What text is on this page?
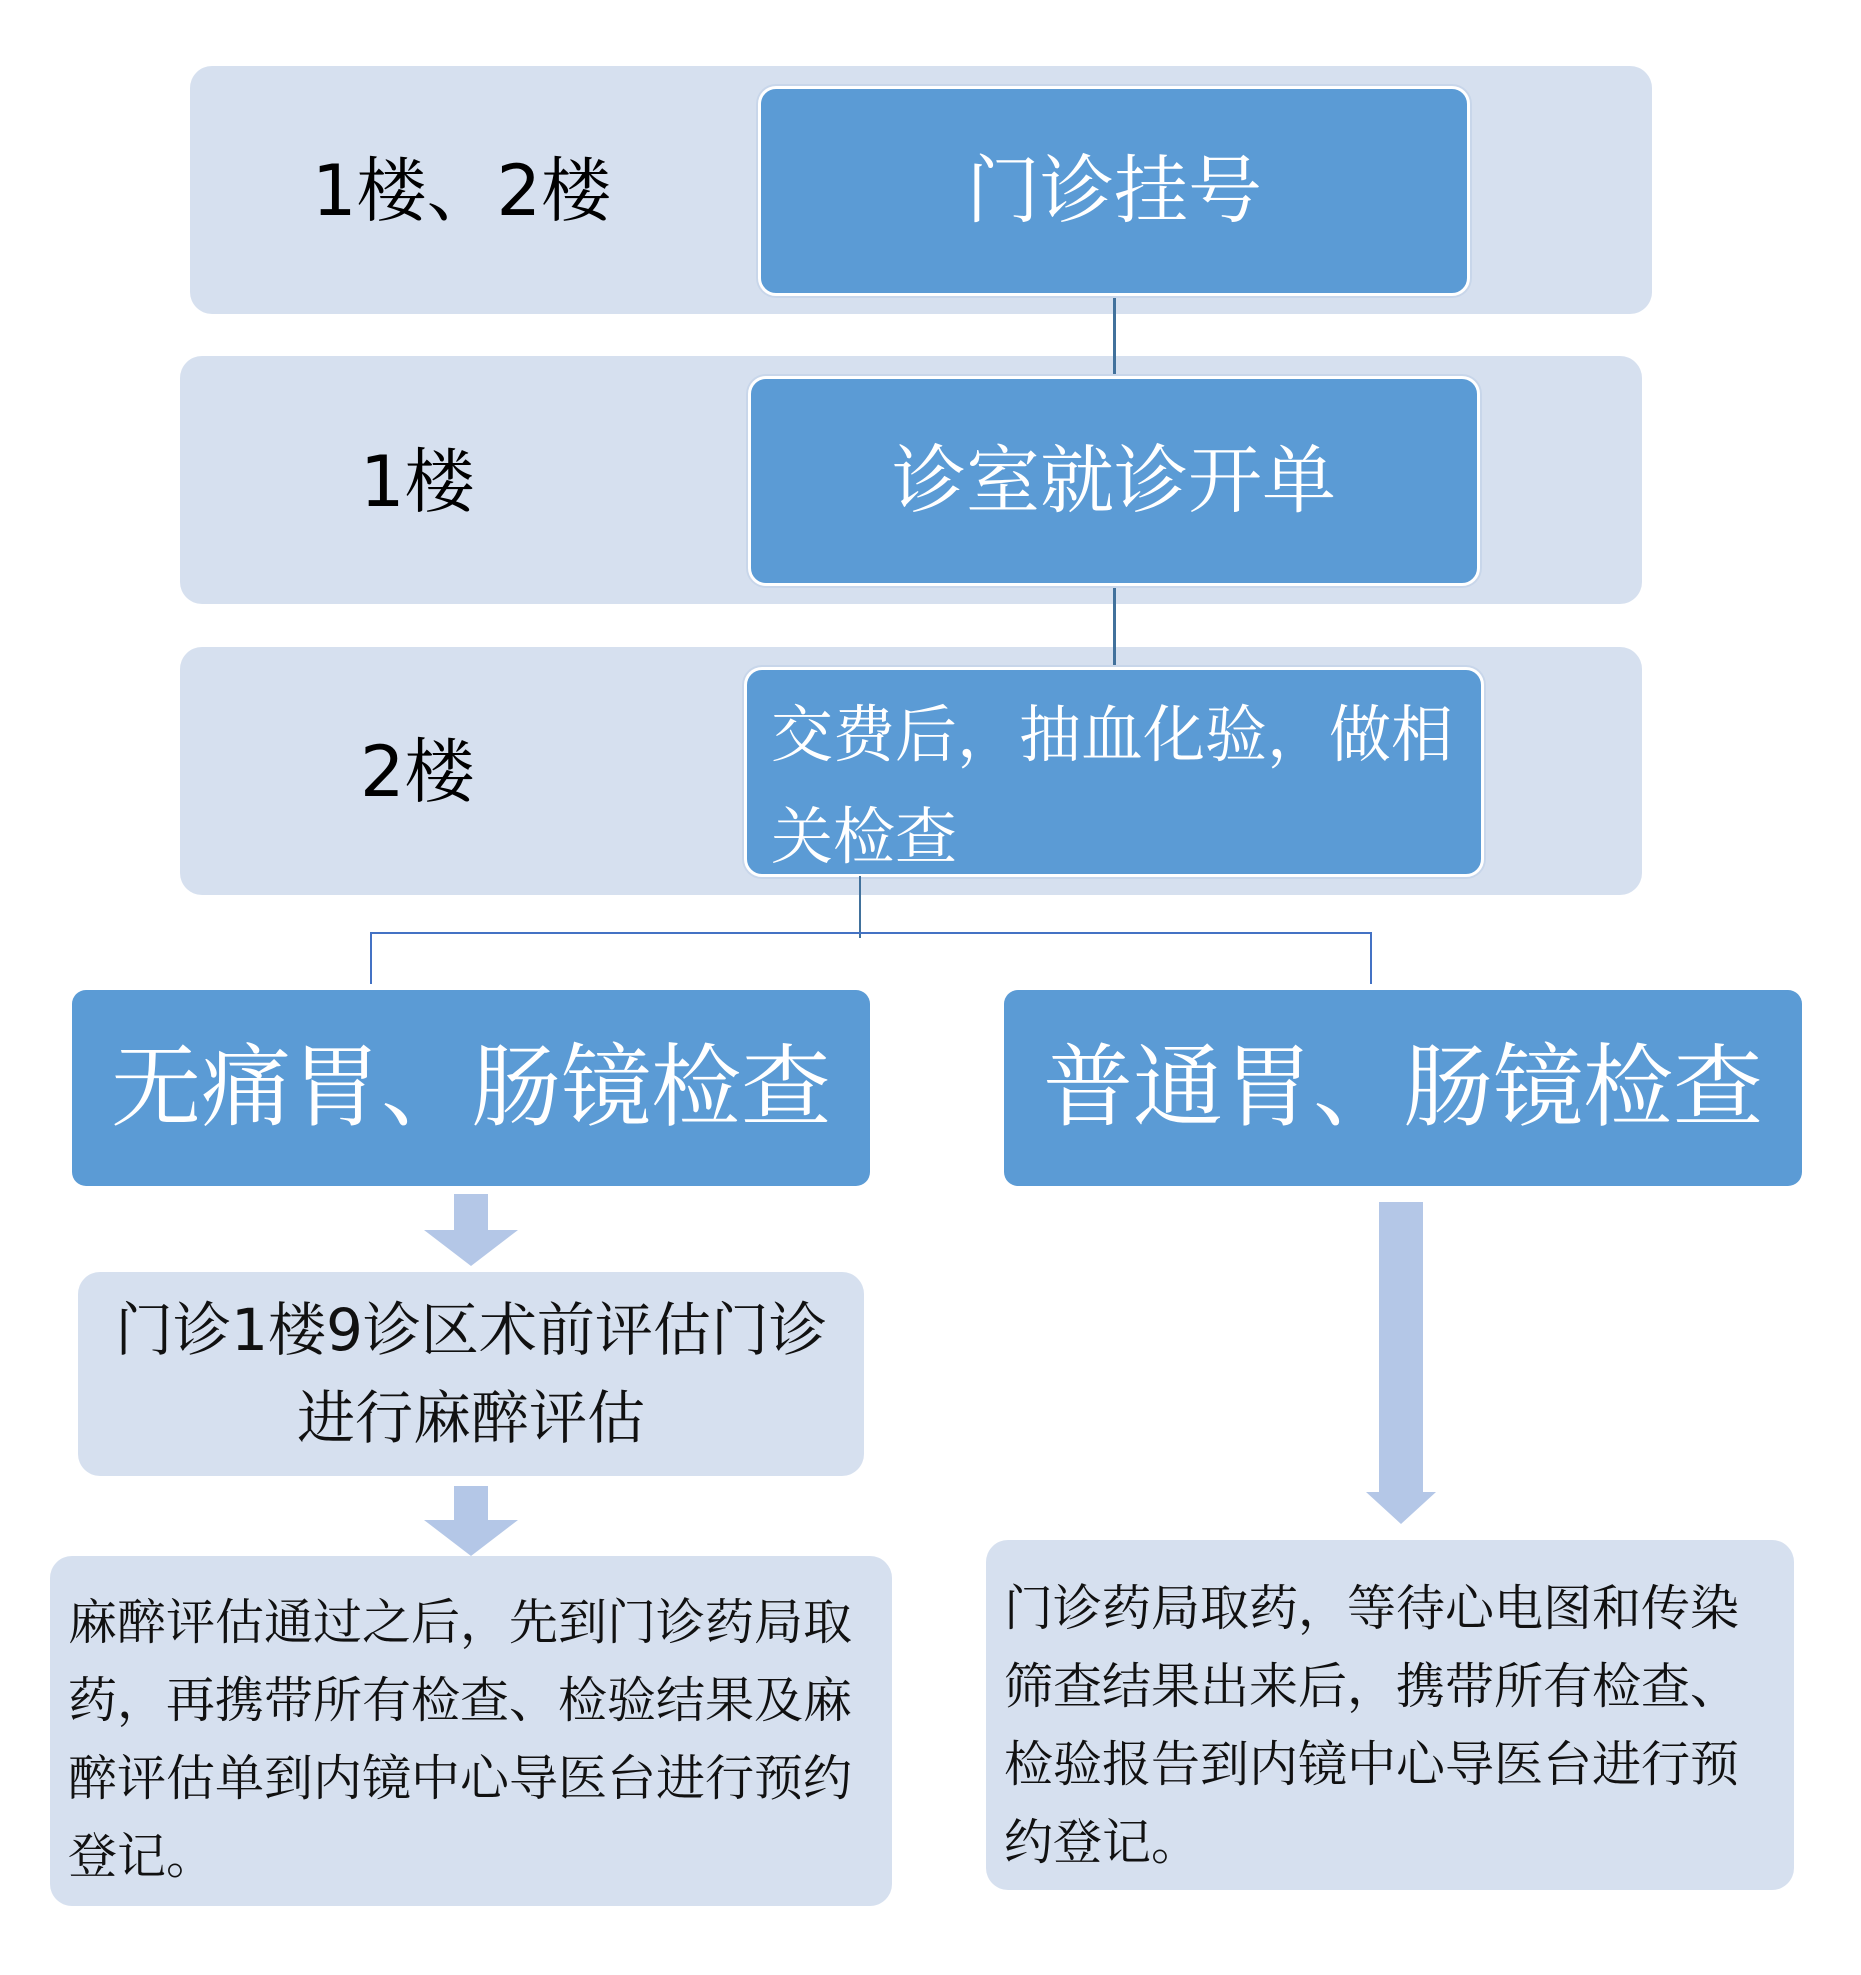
1楼、2楼
1楼
2楼
门诊挂号
诊室就诊开单
交费后，抽血化验，做相关检查
无痛胃、肠镜检查 普通胃、肠镜检查
门诊1楼9诊区术前评估门诊进行麻醉评估
麻醉评估通过之后，先到门诊药局取药，再携带所有检查、检验结果及麻醉评估单到内镜中心导医台进行预约登记。
门诊药局取药，等待心电图和传染筛查结果出来后，携带所有检查、检验报告到内镜中心导医台进行预约登记。
